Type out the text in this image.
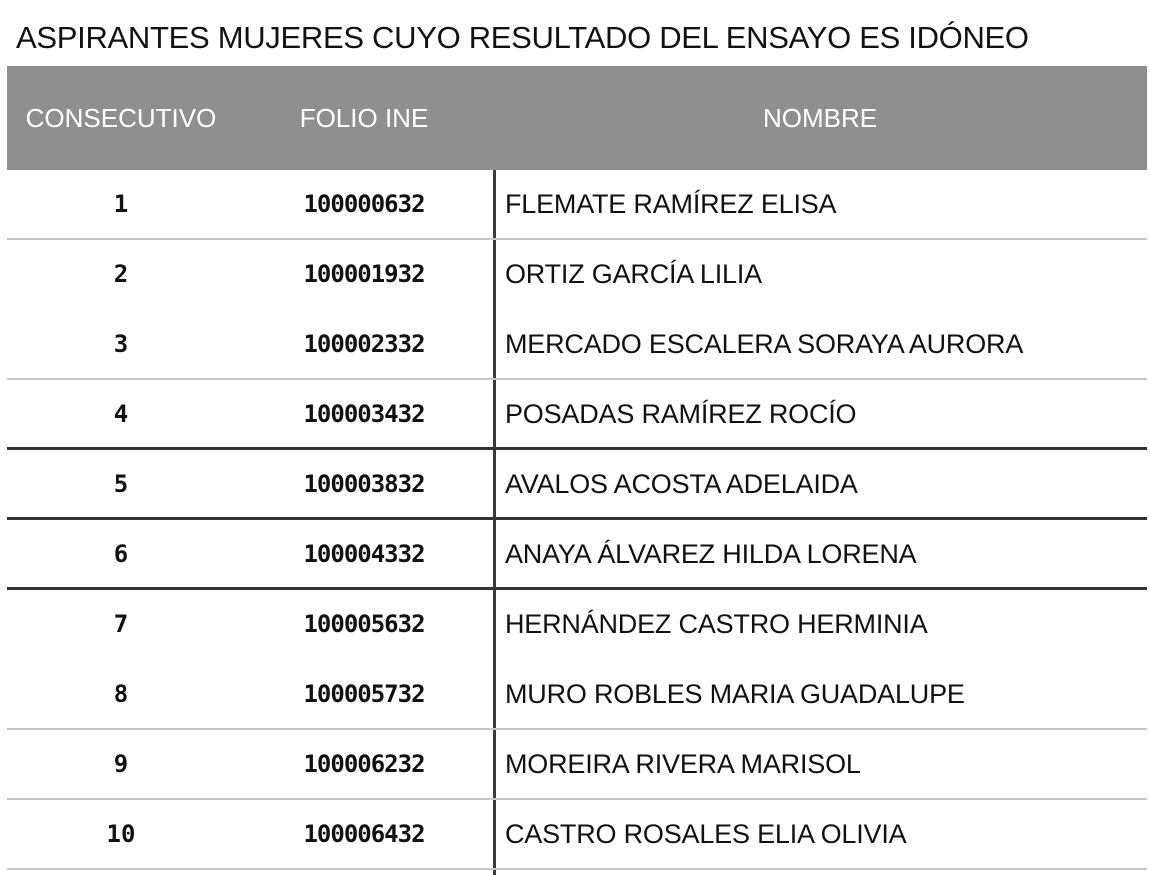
ASPIRANTES MUJERES CUYO RESULTADO DEL ENSAYO ES IDÓNEO
CONSECUTIVO	FOLIO INE	NOMBRE
1	100000632	FLEMATE RAMÍREZ ELISA
2	100001932	ORTIZ GARCÍA LILIA
3	100002332	MERCADO ESCALERA SORAYA AURORA
4	100003432	POSADAS RAMÍREZ ROCÍO
5	100003832	AVALOS ACOSTA ADELAIDA
6	100004332	ANAYA ÁLVAREZ HILDA LORENA
7	100005632	HERNÁNDEZ CASTRO HERMINIA
8	100005732	MURO ROBLES MARIA GUADALUPE
9	100006232	MOREIRA RIVERA MARISOL
10	100006432	CASTRO ROSALES ELIA OLIVIA
